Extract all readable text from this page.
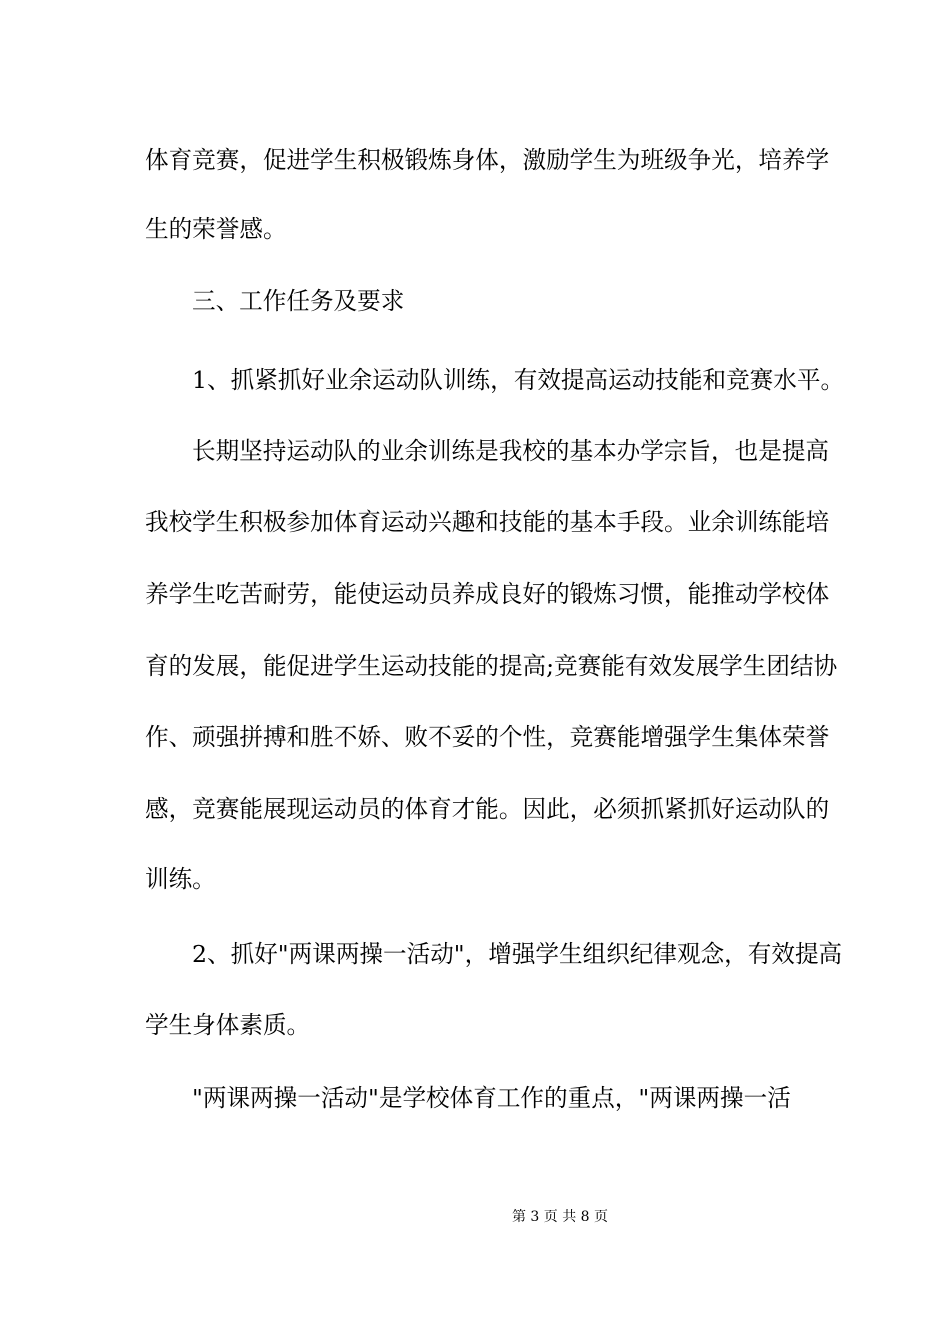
体育竞赛，促进学生积极锻炼身体，激励学生为班级争光，培养学
生的荣誉感。
三、工作任务及要求
1、抓紧抓好业余运动队训练，有效提高运动技能和竞赛水平。
长期坚持运动队的业余训练是我校的基本办学宗旨，也是提高
我校学生积极参加体育运动兴趣和技能的基本手段。业余训练能培
养学生吃苦耐劳，能使运动员养成良好的锻炼习惯，能推动学校体
育的发展，能促进学生运动技能的提高;竞赛能有效发展学生团结协
作、顽强拼搏和胜不娇、败不妥的个性，竞赛能增强学生集体荣誉
感，竞赛能展现运动员的体育才能。因此，必须抓紧抓好运动队的
训练。
2、抓好"两课两操一活动"，增强学生组织纪律观念，有效提高
学生身体素质。
"两课两操一活动"是学校体育工作的重点，"两课两操一活
第 3 页 共 8 页
